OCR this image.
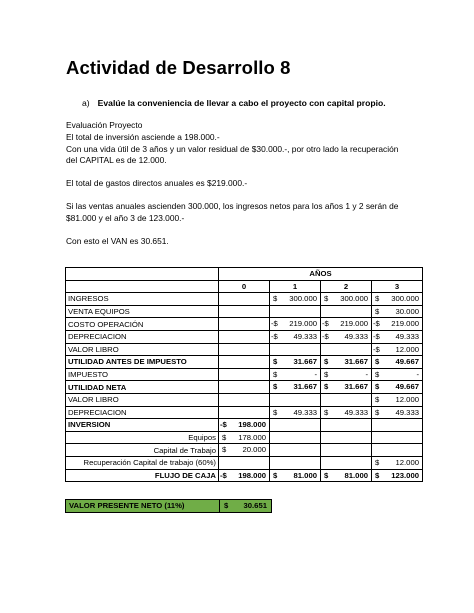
Actividad de Desarrollo 8
a) Evalúe la conveniencia de llevar a cabo el proyecto con capital propio.
Evaluación Proyecto
El total de inversión asciende a 198.000.-
Con una vida útil de 3 años y un valor residual de $30.000.-, por otro lado la recuperación
del CAPITAL es de 12.000.
El total de gastos directos anuales es $219.000.-
Si las ventas anuales ascienden 300.000, los ingresos netos para los años 1 y 2 serán de
$81.000 y el año 3 de 123.000.-
Con esto el VAN es 30.651.
	AÑOS			
	0	1	2	3
INGRESOS		$ 300.000	$ 300.000	$ 300.000

VENTA EQUIPOS				$ 30.000

COSTO OPERACIÓN		-$ 219.000	-$ 219.000	-$ 219.000

DEPRECIACION		-$ 49.333	-$ 49.333	-$ 49.333

VALOR LIBRO				-$ 12.000

UTILIDAD ANTES DE IMPUESTO		$ 31.667	$ 31.667	$ 49.667

IMPUESTO		$ -	$ -	$ -

UTILIDAD NETA		$ 31.667	$ 31.667	$ 49.667

VALOR LIBRO				$ 12.000

DEPRECIACION		$ 49.333	$ 49.333	$ 49.333

INVERSION	-$ 198.000			

Equipos	$ 178.000			

Capital de Trabajo	$ 20.000			

Recuperación Capital de trabajo (60%)				$ 12.000

FLUJO DE CAJA	-$ 198.000	$ 81.000	$ 81.000	$ 123.000
VALOR PRESENTE NETO (11%)	$ 30.651
